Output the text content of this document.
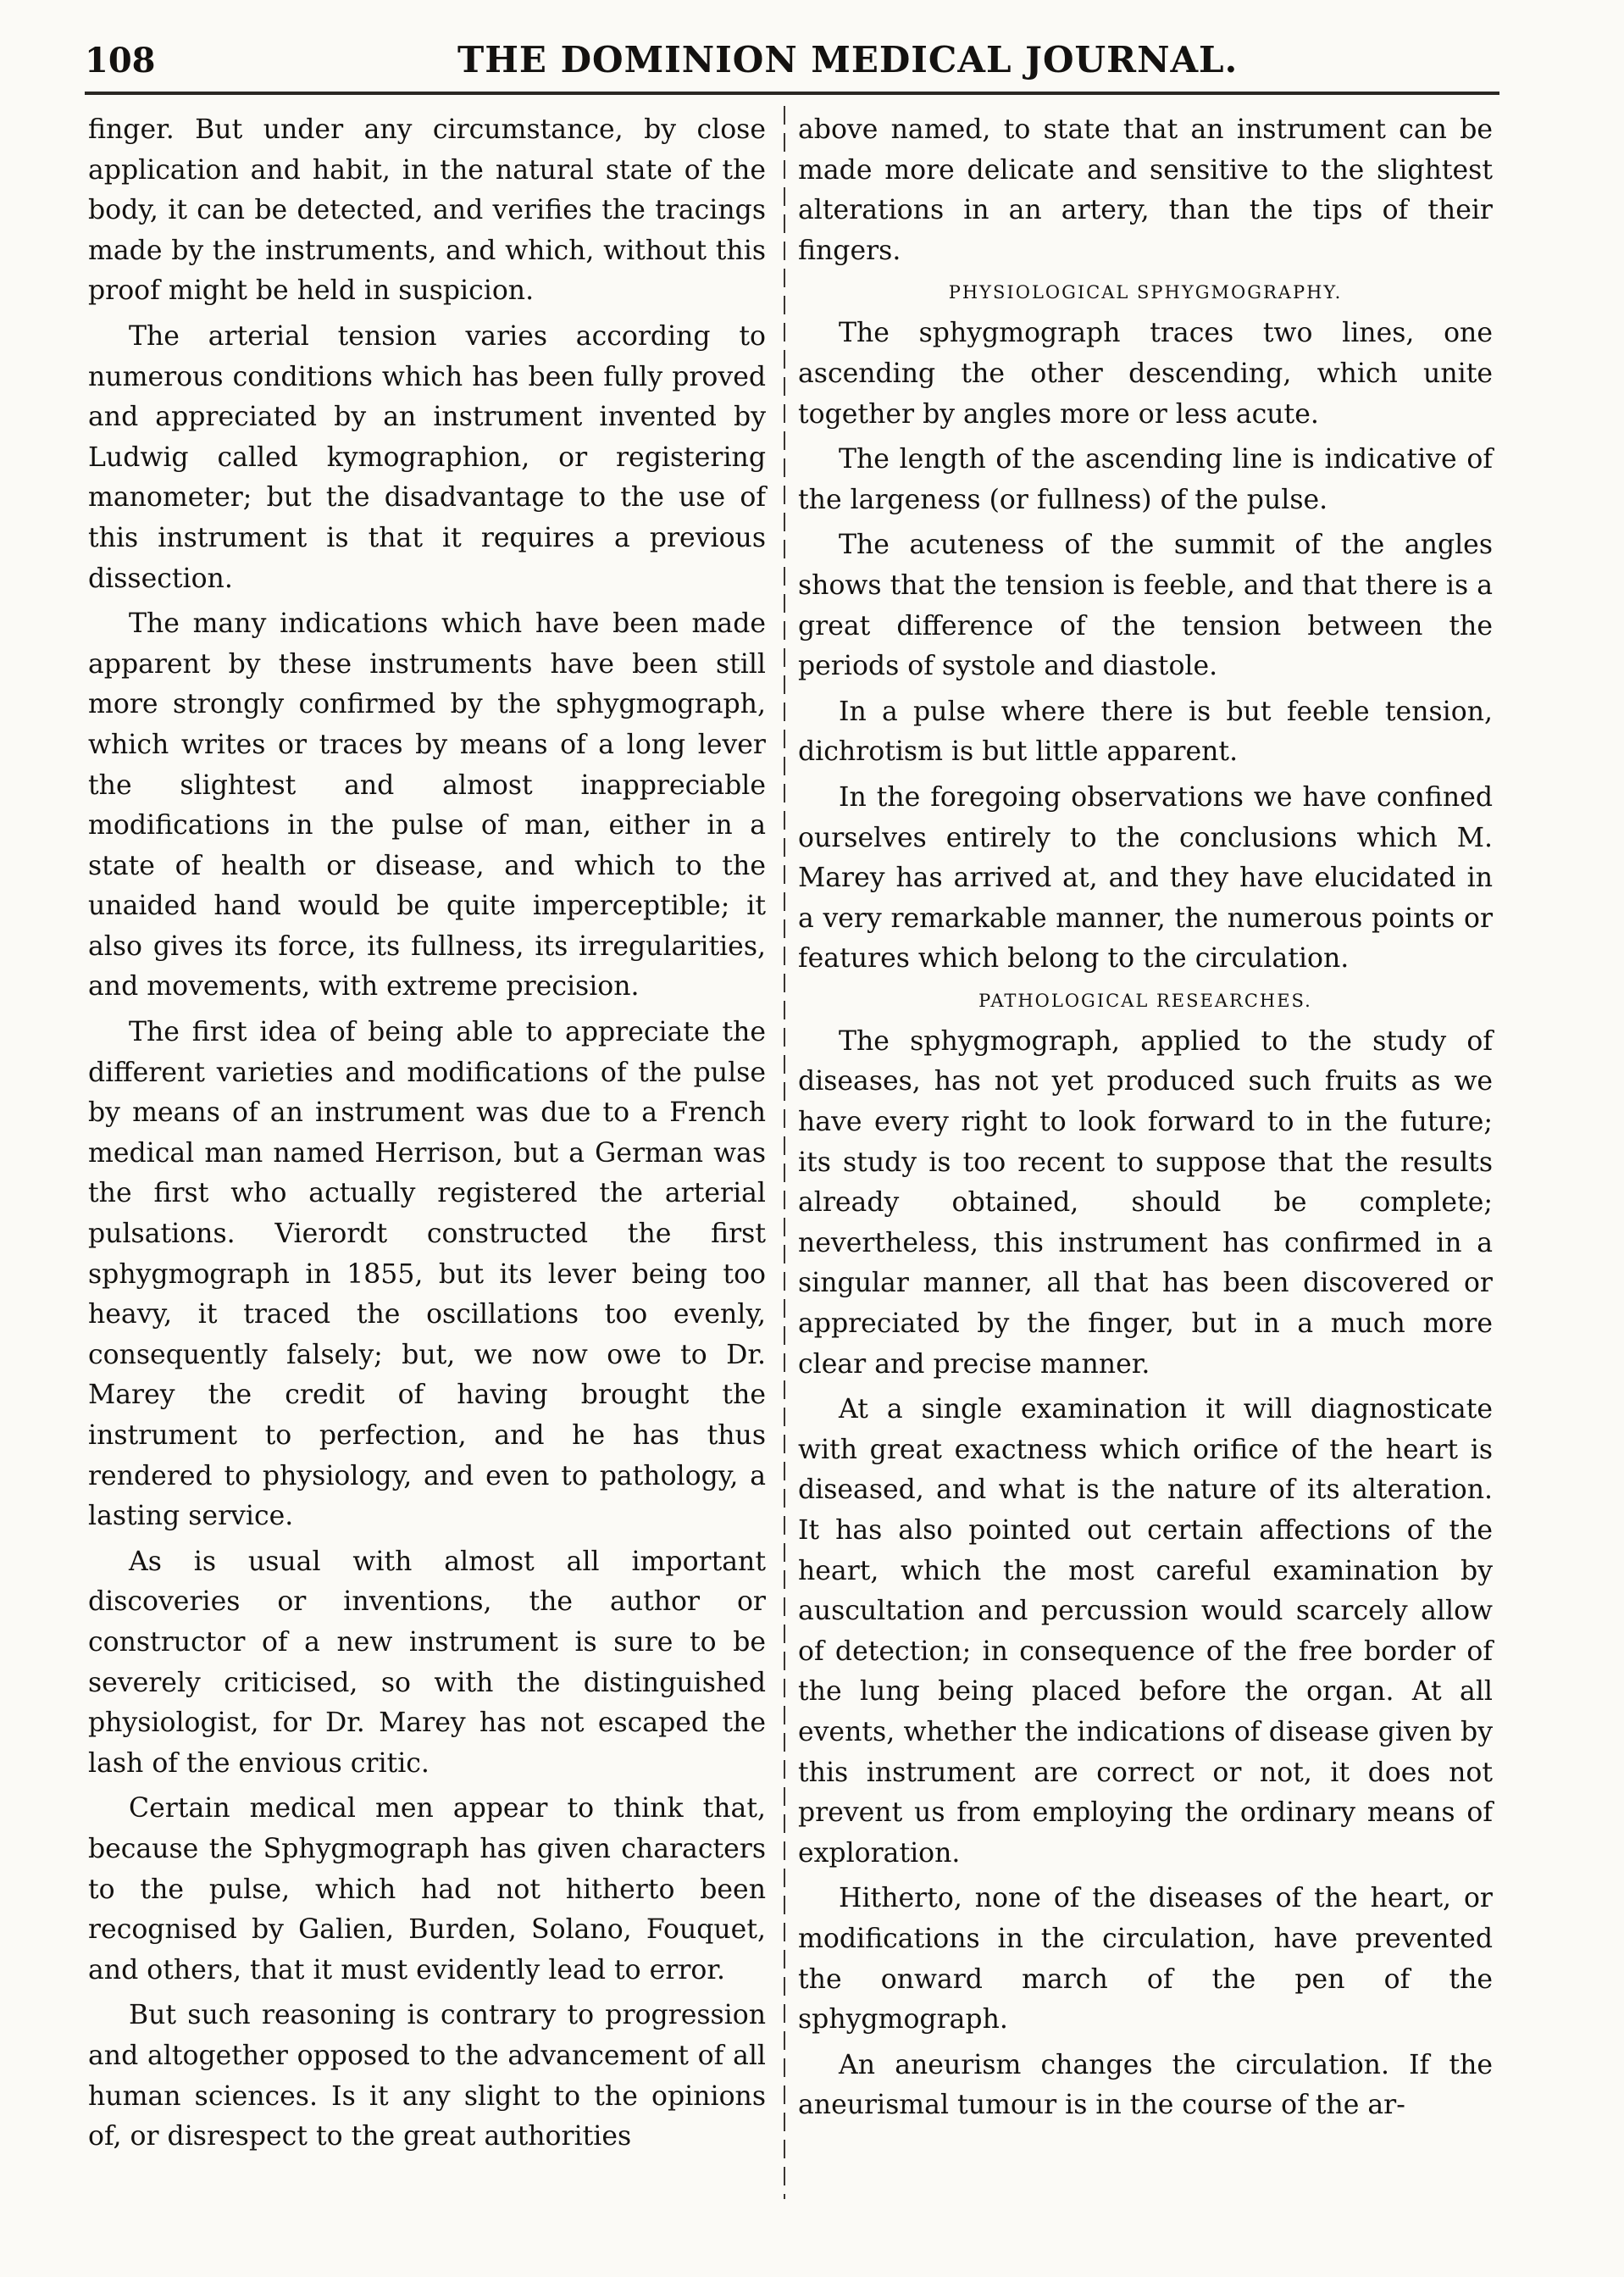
108	THE DOMINION MEDICAL JOURNAL.

finger. But under any circumstance, by close application and habit, in the natural state of the body, it can be detected, and verifies the tracings made by the instruments, and which, without this proof might be held in suspicion.

The arterial tension varies according to numerous conditions which has been fully proved and appreciated by an instrument invented by Ludwig called kymographion, or registering manometer; but the disadvantage to the use of this instrument is that it requires a previous dissection.

The many indications which have been made apparent by these instruments have been still more strongly confirmed by the sphygmograph, which writes or traces by means of a long lever the slightest and almost inappreciable modifications in the pulse of man, either in a state of health or disease, and which to the unaided hand would be quite imperceptible; it also gives its force, its fullness, its irregularities, and movements, with extreme precision.

The first idea of being able to appreciate the different varieties and modifications of the pulse by means of an instrument was due to a French medical man named Herrison, but a German was the first who actually registered the arterial pulsations. Vierordt constructed the first sphygmograph in 1855, but its lever being too heavy, it traced the oscillations too evenly, consequently falsely; but, we now owe to Dr. Marey the credit of having brought the instrument to perfection, and he has thus rendered to physiology, and even to pathology, a lasting service.

As is usual with almost all important discoveries or inventions, the author or constructor of a new instrument is sure to be severely criticised, so with the distinguished physiologist, for Dr. Marey has not escaped the lash of the envious critic.

Certain medical men appear to think that, because the Sphygmograph has given characters to the pulse, which had not hitherto been recognised by Galien, Burden, Solano, Fouquet, and others, that it must evidently lead to error.

But such reasoning is contrary to progression and altogether opposed to the advancement of all human sciences. Is it any slight to the opinions of, or disrespect to the great authorities

above named, to state that an instrument can be made more delicate and sensitive to the slightest alterations in an artery, than the tips of their fingers.

PHYSIOLOGICAL SPHYGMOGRAPHY.

The sphygmograph traces two lines, one ascending the other descending, which unite together by angles more or less acute.

The length of the ascending line is indicative of the largeness (or fullness) of the pulse.

The acuteness of the summit of the angles shows that the tension is feeble, and that there is a great difference of the tension between the periods of systole and diastole.

In a pulse where there is but feeble tension, dichrotism is but little apparent.

In the foregoing observations we have confined ourselves entirely to the conclusions which M. Marey has arrived at, and they have elucidated in a very remarkable manner, the numerous points or features which belong to the circulation.

PATHOLOGICAL RESEARCHES.

The sphygmograph, applied to the study of diseases, has not yet produced such fruits as we have every right to look forward to in the future; its study is too recent to suppose that the results already obtained, should be complete; nevertheless, this instrument has confirmed in a singular manner, all that has been discovered or appreciated by the finger, but in a much more clear and precise manner.

At a single examination it will diagnosticate with great exactness which orifice of the heart is diseased, and what is the nature of its alteration. It has also pointed out certain affections of the heart, which the most careful examination by auscultation and percussion would scarcely allow of detection; in consequence of the free border of the lung being placed before the organ. At all events, whether the indications of disease given by this instrument are correct or not, it does not prevent us from employing the ordinary means of exploration.

Hitherto, none of the diseases of the heart, or modifications in the circulation, have prevented the onward march of the pen of the sphygmograph.

An aneurism changes the circulation. If the aneurismal tumour is in the course of the ar-
